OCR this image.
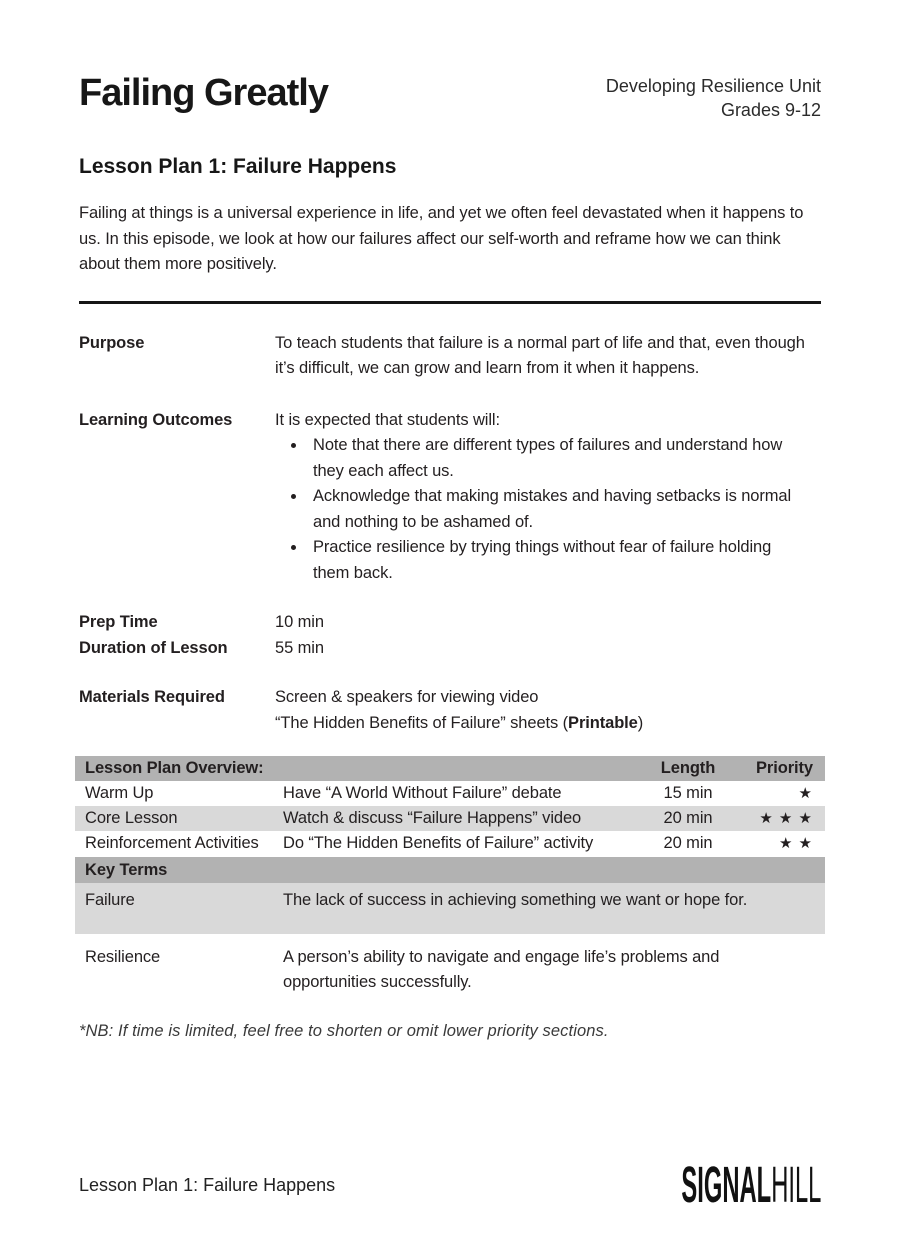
Failing Greatly	Developing Resilience Unit
Grades 9-12
Lesson Plan 1: Failure Happens

Failing at things is a universal experience in life, and yet we often feel devastated when it happens to us. In this episode, we look at how our failures affect our self-worth and reframe how we can think about them more positively.

Purpose	To teach students that failure is a normal part of life and that, even though it’s difficult, we can grow and learn from it when it happens.
Learning Outcomes	It is expected that students will:
• Note that there are different types of failures and understand how they each affect us.
• Acknowledge that making mistakes and having setbacks is normal and nothing to be ashamed of.
• Practice resilience by trying things without fear of failure holding them back.
Prep Time	10 min
Duration of Lesson	55 min
Materials Required	Screen & speakers for viewing video
“The Hidden Benefits of Failure” sheets (Printable)
Lesson Plan Overview:	Length	Priority
Warm Up	Have “A World Without Failure” debate	15 min	★
Core Lesson	Watch & discuss “Failure Happens” video	20 min	★ ★ ★
Reinforcement Activities	Do “The Hidden Benefits of Failure” activity	20 min	★ ★
Key Terms
Failure	The lack of success in achieving something we want or hope for.
Resilience	A person’s ability to navigate and engage life’s problems and opportunities successfully.
*NB: If time is limited, feel free to shorten or omit lower priority sections.
Lesson Plan 1: Failure Happens	SIGNALHILL
